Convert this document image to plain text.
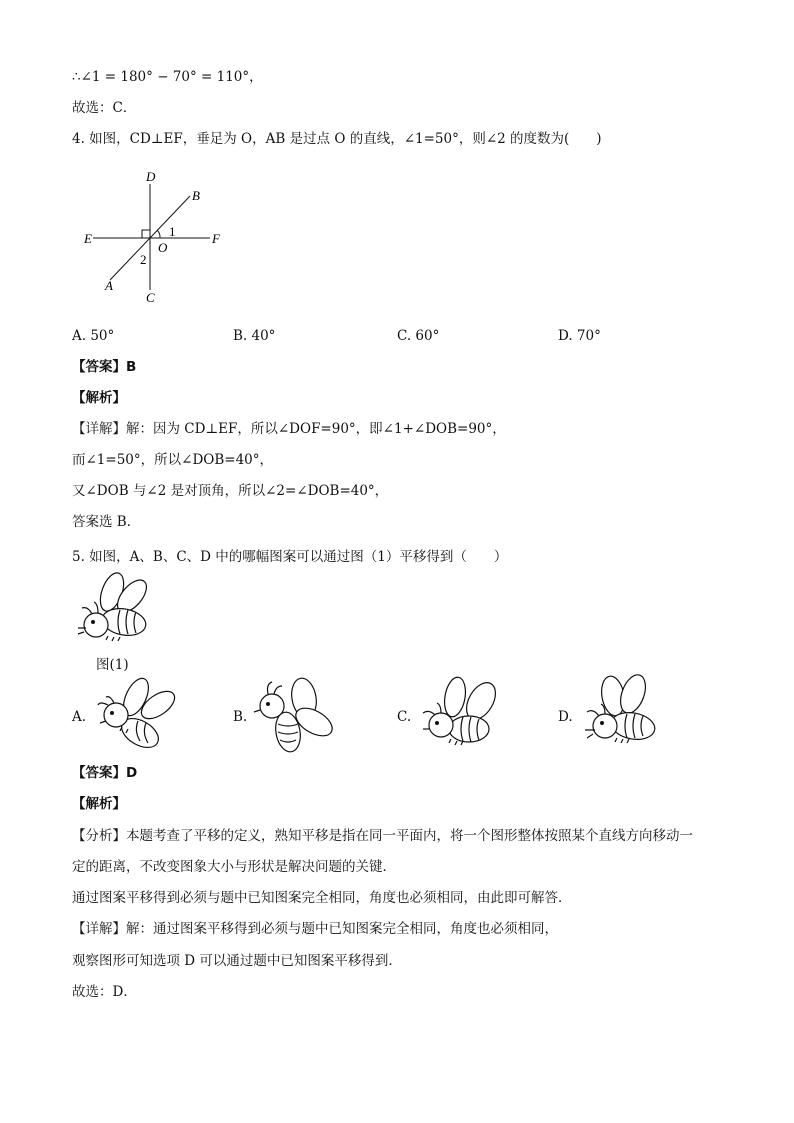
∴∠1 = 180° − 70° = 110°，
故选：C．
4. 如图，CD⊥EF，垂足为 O，AB 是过点 O 的直线，∠1=50°，则∠2 的度数为(　　)
D
B
E	F
O
A
C
1
2
A. 50°	B. 40°	C. 60°	D. 70°
【答案】B
【解析】
【详解】解：因为 CD⊥EF，所以∠DOF=90°，即∠1+∠DOB=90°，
而∠1=50°，所以∠DOB=40°，
又∠DOB 与∠2 是对顶角，所以∠2=∠DOB=40°，
答案选 B．
5. 如图，A、B、C、D 中的哪幅图案可以通过图（1）平移得到（　　）
图(1)
A.	B.	C.	D.
【答案】D
【解析】
【分析】本题考查了平移的定义，熟知平移是指在同一平面内，将一个图形整体按照某个直线方向移动一
定的距离，不改变图象大小与形状是解决问题的关键．
通过图案平移得到必须与题中已知图案完全相同，角度也必须相同，由此即可解答．
【详解】解：通过图案平移得到必须与题中已知图案完全相同，角度也必须相同，
观察图形可知选项 D 可以通过题中已知图案平移得到．
故选：D．
